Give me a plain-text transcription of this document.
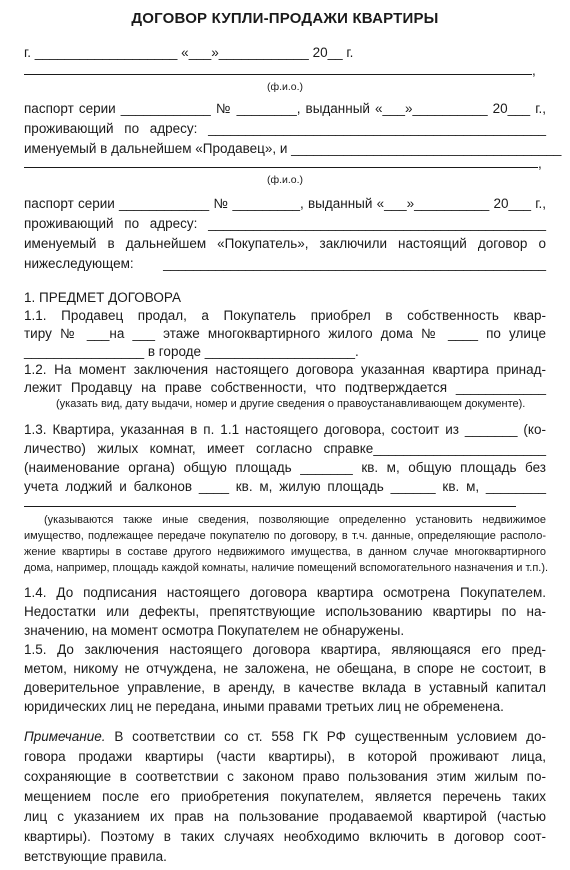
ДОГОВОР КУПЛИ-ПРОДАЖИ КВАРТИРЫ
г. ___________________ «___»____________ 20__ г.
,
(ф.и.о.)
паспорт серии ____________ № ________, выданный «___»__________ 20___ г.,
проживающий по адресу: _____________________________________________
именуемый в дальнейшем «Продавец», и ____________________________________
,
(ф.и.о.)
паспорт серии ____________ № _________, выданный «___»__________ 20___ г.,
проживающий по адресу: _____________________________________________
именуемый в дальнейшем «Покупатель», заключили настоящий договор о
нижеследующем: ___________________________________________________
1. ПРЕДМЕТ ДОГОВОРА
1.1. Продавец продал, а Покупатель приобрел в собственность квар-
тиру № ___на ___ этаже многоквартирного жилого дома № ____ по улице
________________ в городе ____________________.
1.2. На момент заключения настоящего договора указанная квартира принад-
лежит Продавцу на праве собственности, что подтверждается ____________
(указать вид, дату выдачи, номер и другие сведения о правоустанавливающем документе).
1.3. Квартира, указанная в п. 1.1 настоящего договора, состоит из _______ (ко-
личество) жилых комнат, имеет согласно справке_______________________
(наименование органа) общую площадь _______ кв. м, общую площадь без
учета лоджий и балконов ____ кв. м, жилую площадь ______ кв. м, ________
(указываются также иные сведения, позволяющие определенно установить недвижимое
имущество, подлежащее передаче покупателю по договору, в т.ч. данные, определяющие располо-
жение квартиры в составе другого недвижимого имущества, в данном случае многоквартирного
дома, например, площадь каждой комнаты, наличие помещений вспомогательного назначения и т.п.).
1.4. До подписания настоящего договора квартира осмотрена Покупателем.
Недостатки или дефекты, препятствующие использованию квартиры по на-
значению, на момент осмотра Покупателем не обнаружены.
1.5. До заключения настоящего договора квартира, являющаяся его пред-
метом, никому не отчуждена, не заложена, не обещана, в споре не состоит, в
доверительное управление, в аренду, в качестве вклада в уставный капитал
юридических лиц не передана, иными правами третьих лиц не обременена.
Примечание. В соответствии со ст. 558 ГК РФ существенным условием до-
говора продажи квартиры (части квартиры), в которой проживают лица,
сохраняющие в соответствии с законом право пользования этим жилым по-
мещением после его приобретения покупателем, является перечень таких
лиц с указанием их прав на пользование продаваемой квартирой (частью
квартиры). Поэтому в таких случаях необходимо включить в договор соот-
ветствующие правила.
